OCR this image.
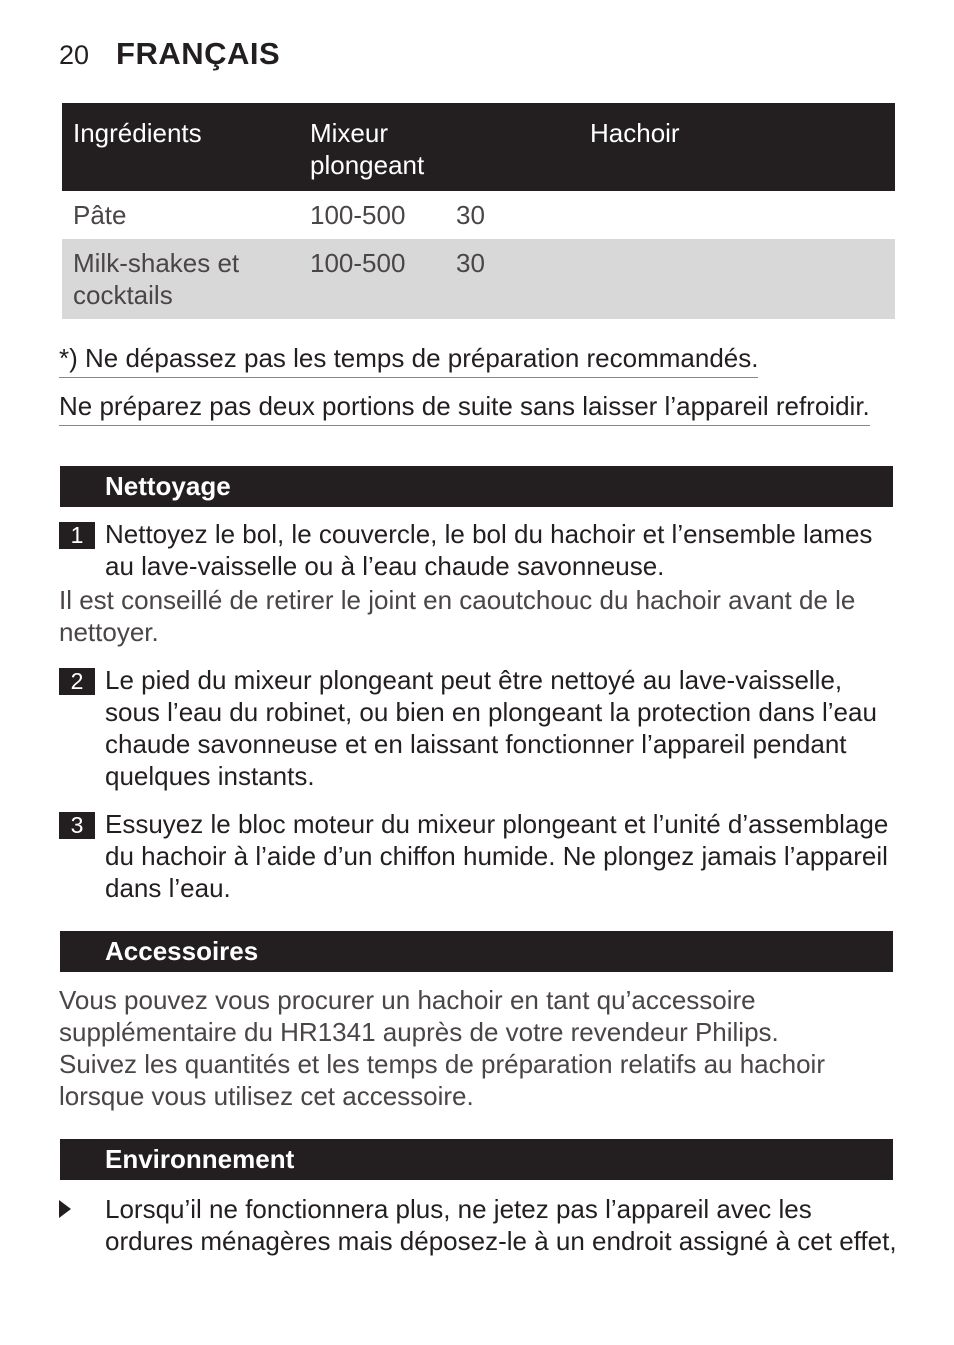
20 FRANÇAIS
Ingrédients	Mixeur plongeant		Hachoir
Pâte	100-500	30	
Milk-shakes et cocktails	100-500	30	
*) Ne dépassez pas les temps de préparation recommandés.
Ne préparez pas deux portions de suite sans laisser l’appareil refroidir.
Nettoyage
1 Nettoyez le bol, le couvercle, le bol du hachoir et l’ensemble lames au lave-vaisselle ou à l’eau chaude savonneuse.
Il est conseillé de retirer le joint en caoutchouc du hachoir avant de le nettoyer.
2 Le pied du mixeur plongeant peut être nettoyé au lave-vaisselle, sous l’eau du robinet, ou bien en plongeant la protection dans l’eau chaude savonneuse et en laissant fonctionner l’appareil pendant quelques instants.
3 Essuyez le bloc moteur du mixeur plongeant et l’unité d’assemblage du hachoir à l’aide d’un chiffon humide. Ne plongez jamais l’appareil dans l’eau.
Accessoires
Vous pouvez vous procurer un hachoir en tant qu’accessoire supplémentaire du HR1341 auprès de votre revendeur Philips. Suivez les quantités et les temps de préparation relatifs au hachoir lorsque vous utilisez cet accessoire.
Environnement
Lorsqu’il ne fonctionnera plus, ne jetez pas l’appareil avec les ordures ménagères mais déposez-le à un endroit assigné à cet effet,
